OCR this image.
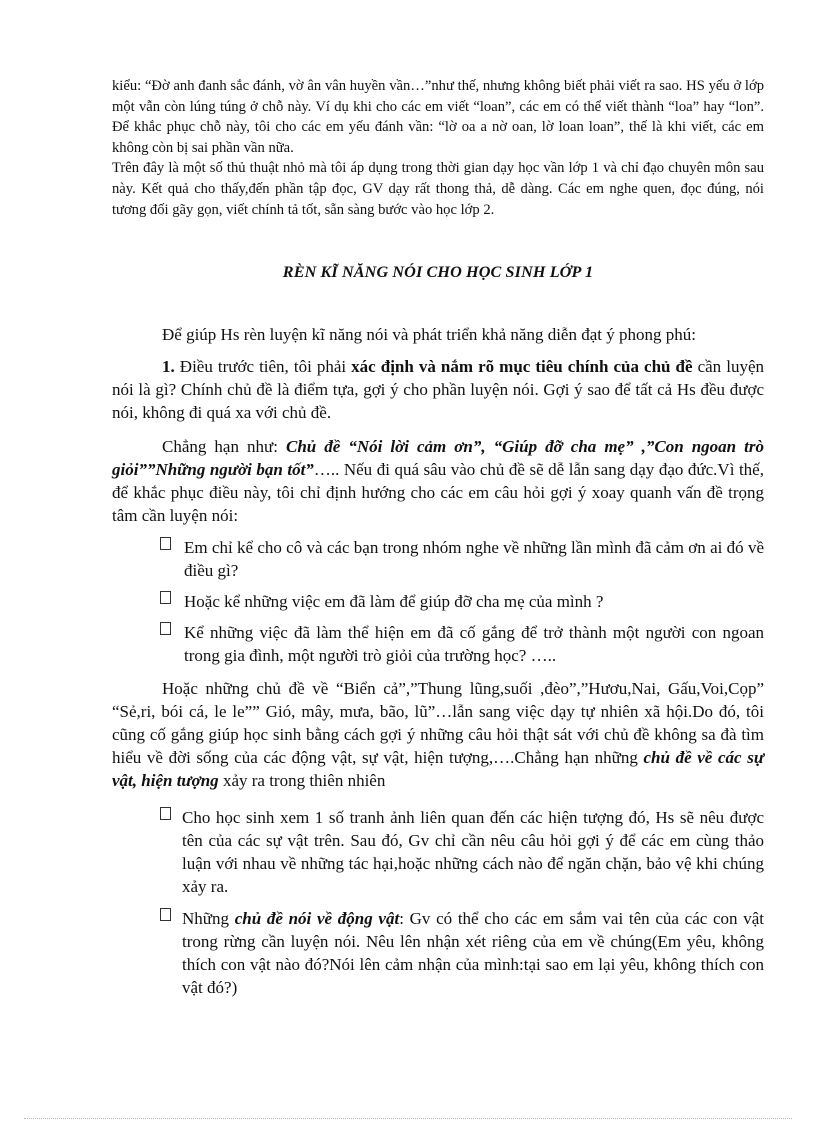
kiểu: “Đờ anh đanh sắc đánh, vờ ân vân huyền vần…”như thế, nhưng không biết phải viết ra sao. HS yếu ở lớp một vẫn còn lúng túng ở chỗ này. Ví dụ khi cho các em viết “loan”, các em có thể viết thành “loa” hay “lon”. Để khắc phục chỗ này, tôi cho các em yếu đánh vần: “lờ oa a nờ oan, lờ loan loan”, thế là khi viết, các em không còn bị sai phần vần nữa.

Trên đây là một số thủ thuật nhỏ mà tôi áp dụng trong thời gian dạy học vần lớp 1 và chỉ đạo chuyên môn sau này. Kết quả cho thấy,đến phần tập đọc, GV dạy rất thong thả, dễ dàng. Các em nghe quen, đọc đúng, nói tương đối gãy gọn, viết chính tả tốt, sẵn sàng bước vào học lớp 2.

RÈN KĨ NĂNG NÓI CHO HỌC SINH LỚP 1

Để giúp Hs rèn luyện kĩ năng nói và phát triển khả năng diễn đạt ý phong phú:

1. Điều trước tiên, tôi phải xác định và nắm rõ mục tiêu chính của chủ đề cần luyện nói là gì? Chính chủ đề là điểm tựa, gợi ý cho phần luyện nói. Gợi ý sao để tất cả Hs đều được nói, không đi quá xa với chủ đề.

Chẳng hạn như: Chủ đề “Nói lời cảm ơn”, “Giúp đỡ cha mẹ” ,”Con ngoan trò giỏi””Những người bạn tốt”….. Nếu đi quá sâu vào chủ đề sẽ dễ lẫn sang dạy đạo đức.Vì thế, để khắc phục điều này, tôi chỉ định hướng cho các em câu hỏi gợi ý xoay quanh vấn đề trọng tâm cần luyện nói:

Em chỉ kể cho cô và các bạn trong nhóm nghe về những lần mình đã cảm ơn ai đó về điều gì?
Hoặc kể những việc em đã làm để giúp đỡ cha mẹ của mình ?
Kể những việc đã làm thể hiện em đã cố gắng để trở thành một người con ngoan trong gia đình, một người trò giỏi của trường học? …..

Hoặc những chủ đề về “Biển cả”,”Thung lũng,suối ,đèo”,”Hươu,Nai, Gấu,Voi,Cọp” “Sẻ,ri, bói cá, le le”” Gió, mây, mưa, bão, lũ”…lẫn sang việc dạy tự nhiên xã hội.Do đó, tôi cũng cố gắng giúp học sinh bằng cách gợi ý những câu hỏi thật sát với chủ đề không sa đà tìm hiểu về đời sống của các động vật, sự vật, hiện tượng,….Chẳng hạn những chủ đề về các sự vật, hiện tượng xảy ra trong thiên nhiên

Cho học sinh xem 1 số tranh ảnh liên quan đến các hiện tượng đó, Hs sẽ nêu được tên của các sự vật trên. Sau đó, Gv chỉ cần nêu câu hỏi gợi ý để các em cùng thảo luận với nhau về những tác hại,hoặc những cách nào để ngăn chặn, bảo vệ khi chúng xảy ra.
Những chủ đề nói về động vật: Gv có thể cho các em sắm vai tên của các con vật trong rừng cần luyện nói. Nêu lên nhận xét riêng của em về chúng(Em yêu, không thích con vật nào đó?Nói lên cảm nhận của mình:tại sao em lại yêu, không thích con vật đó?)
